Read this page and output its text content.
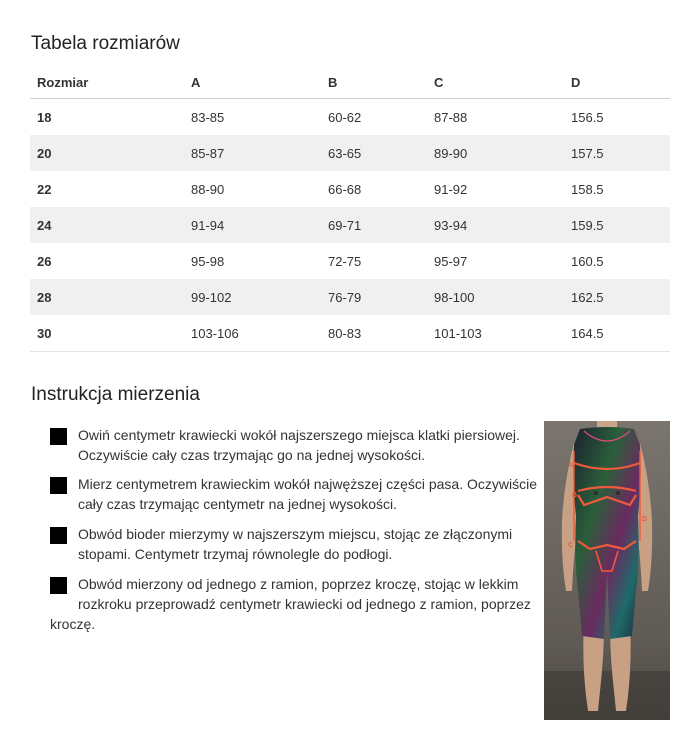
Tabela rozmiarów
Rozmiar	A	B	C	D
18	83-85	60-62	87-88	156.5
20	85-87	63-65	89-90	157.5
22	88-90	66-68	91-92	158.5
24	91-94	69-71	93-94	159.5
26	95-98	72-75	95-97	160.5
28	99-102	76-79	98-100	162.5
30	103-106	80-83	101-103	164.5
Instrukcja mierzenia
A Owiń centymetr krawiecki wokół najszerszego miejsca klatki piersiowej. Oczywiście cały czas trzymając go na jednej wysokości.
B Mierz centymetrem krawieckim wokół najwęższej części pasa. Oczywiście cały czas trzymając centymetr na jednej wysokości.
C Obwód bioder mierzymy w najszerszym miejscu, stojąc ze złączonymi stopami. Centymetr trzymaj równolegle do podłogi.
D Obwód mierzony od jednego z ramion, poprzez kroczę, stojąc w lekkim rozkroku przeprowadź centymetr krawiecki od jednego z ramion, poprzez
kroczę.
A
B
C
D
